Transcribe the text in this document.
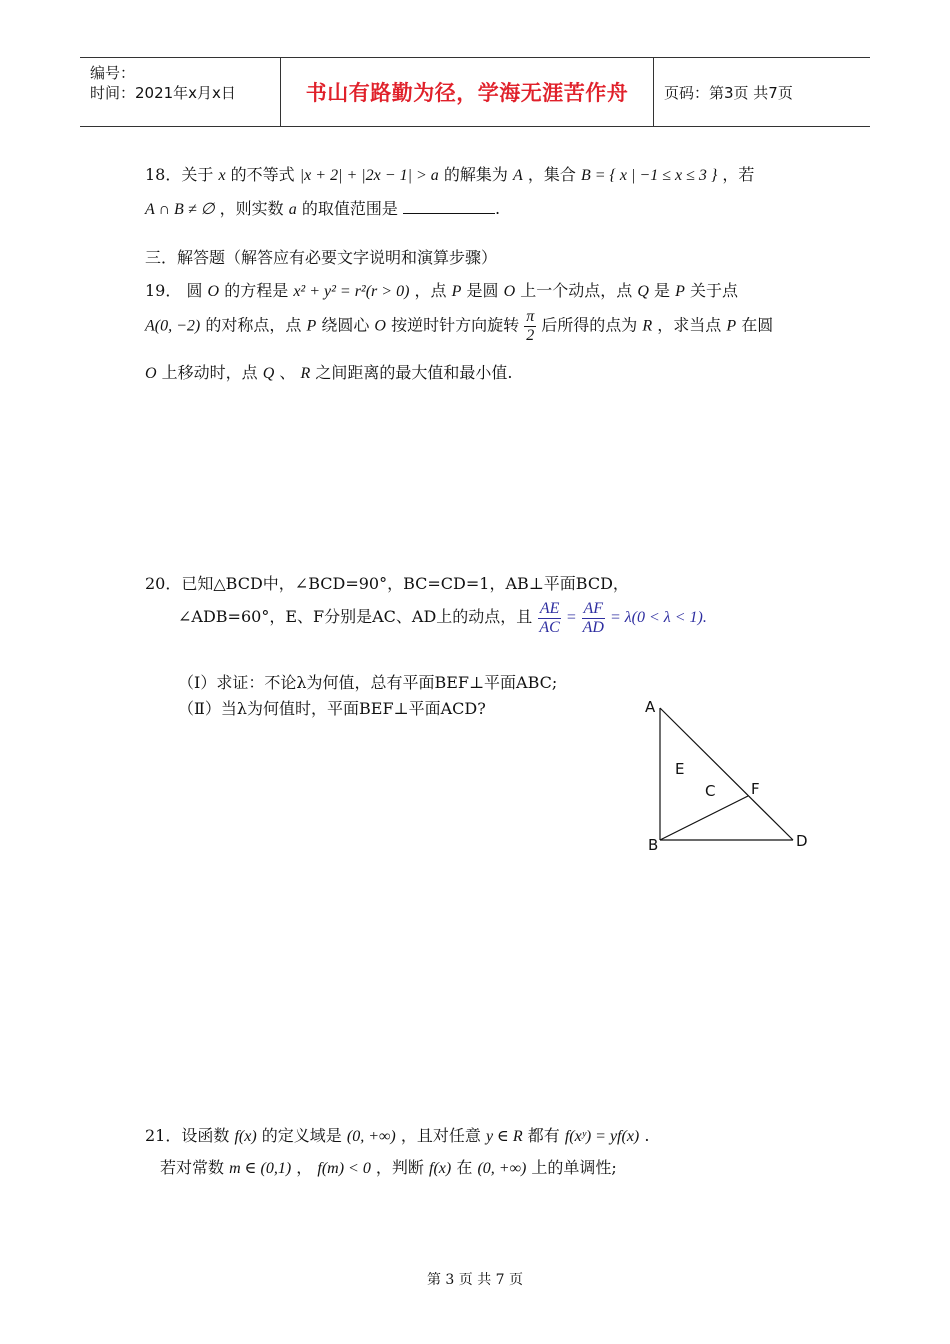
编号：
时间：2021年x月x日	书山有路勤为径，学海无涯苦作舟 页码：第3页 共7页
18．关于 x 的不等式 |x + 2| + |2x − 1| > a 的解集为 A ，集合 B = { x | −1 ≤ x ≤ 3 } ，若
A ∩ B ≠ ∅ ，则实数 a 的取值范围是	.
三．解答题（解答应有必要文字说明和演算步骤）
19． 圆 O 的方程是 x² + y² = r²(r > 0) ，点 P 是圆 O 上一个动点，点 Q 是 P 关于点
A(0, −2) 的对称点，点 P 绕圆心 O 按逆时针方向旋转 $\frac{\pi}{2}$ 后所得的点为 R ，求当点 P 在圆
O 上移动时，点 Q 、 R 之间距离的最大值和最小值.
20．已知△BCD中，∠BCD=90°，BC=CD=1，AB⊥平面BCD，
∠ADB=60°，E、F分别是AC、AD上的动点，且 $\frac{AE}{AC} = \frac{AF}{AD} = \lambda(0 < \lambda < 1)$.
（Ⅰ）求证：不论λ为何值，总有平面BEF⊥平面ABC;
（Ⅱ）当λ为何值时，平面BEF⊥平面ACD?	A
B
C
D
E
F
21．设函数 f(x) 的定义域是 (0, +∞) ，且对任意 y ∈ R 都有 f(xʸ) = yf(x) .
若对常数 m ∈ (0,1) ， f(m) < 0 ，判断 f(x) 在 (0, +∞) 上的单调性;
第 3 页 共 7 页
